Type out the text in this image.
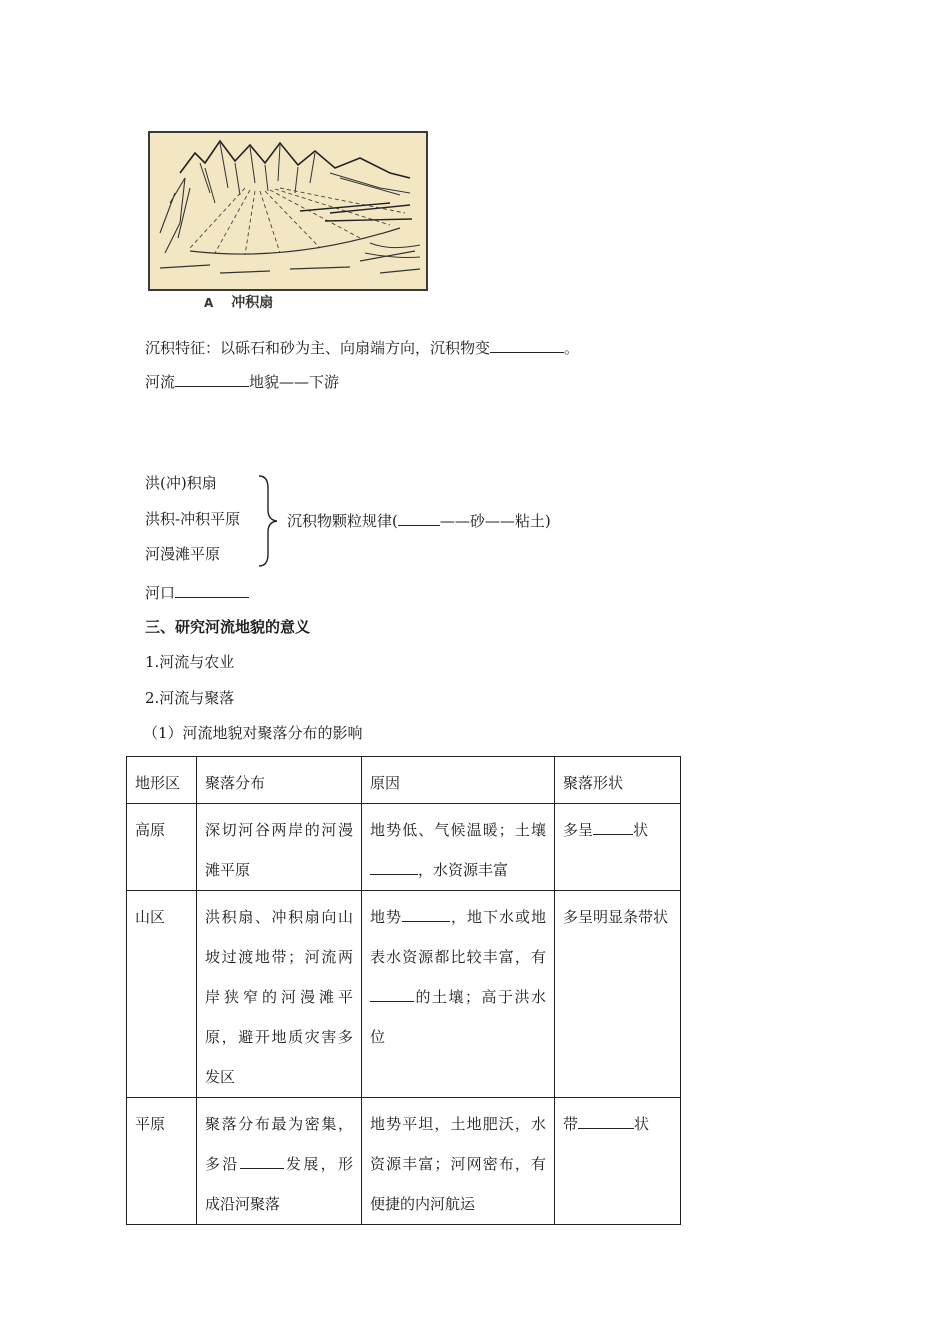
A 冲积扇
沉积特征：以砾石和砂为主、向扇端方向，沉积物变	。
河流	地貌——下游
洪(冲)积扇
洪积-冲积平原
河漫滩平原
沉积物颗粒规律(	——砂——粘土)
河口
三、研究河流地貌的意义
1.河流与农业
2.河流与聚落
（1）河流地貌对聚落分布的影响
地形区	聚落分布	原因	聚落形状
高原	深切河谷两岸的河漫滩平原	地势低、气候温暖；土壤，水资源丰富	多呈 状
山区	洪积扇、冲积扇向山坡过渡地带；河流两岸狭窄的河漫滩平原，避开地质灾害多发区	地势 ，地下水或地表水资源都比较丰富，有的土壤；高于洪水位	多呈明显条带状
平原	聚落分布最为密集，多沿 发展，形成沿河聚落	地势平坦，土地肥沃，水资源丰富；河网密布，有便捷的内河航运	带 状
